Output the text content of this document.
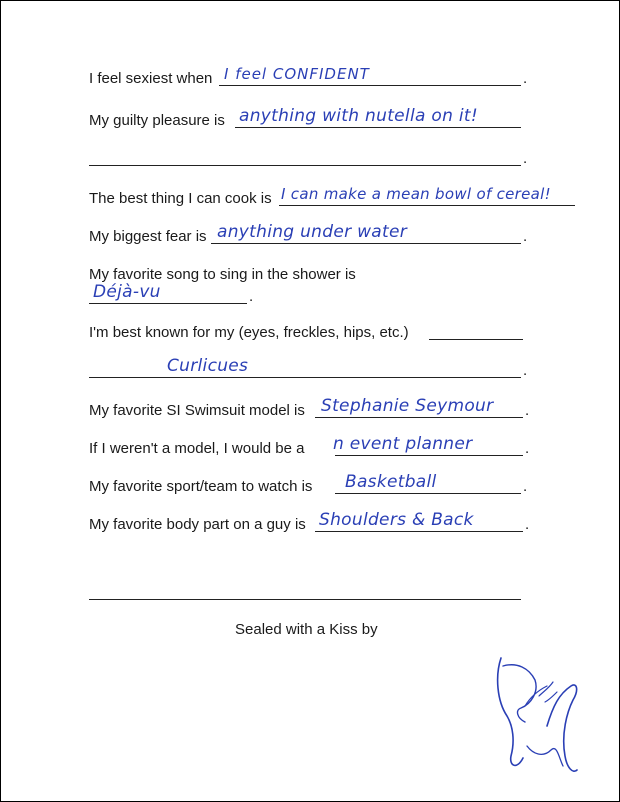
I feel sexiest when I feel CONFIDENT	.
My guilty pleasure is anything with nutella on it!
.
The best thing I can cook is I can make a mean bowl of cereal!
My biggest fear is anything under water	.
My favorite song to sing in the shower is
Déjà-vu	.
I'm best known for my (eyes, freckles, hips, etc.)
Curlicues	.
My favorite SI Swimsuit model is Stephanie Seymour .
If I weren't a model, I would be a n event planner	.
My favorite sport/team to watch is Basketball	.
My favorite body part on a guy is Shoulders & Back	.
Sealed with a Kiss by
